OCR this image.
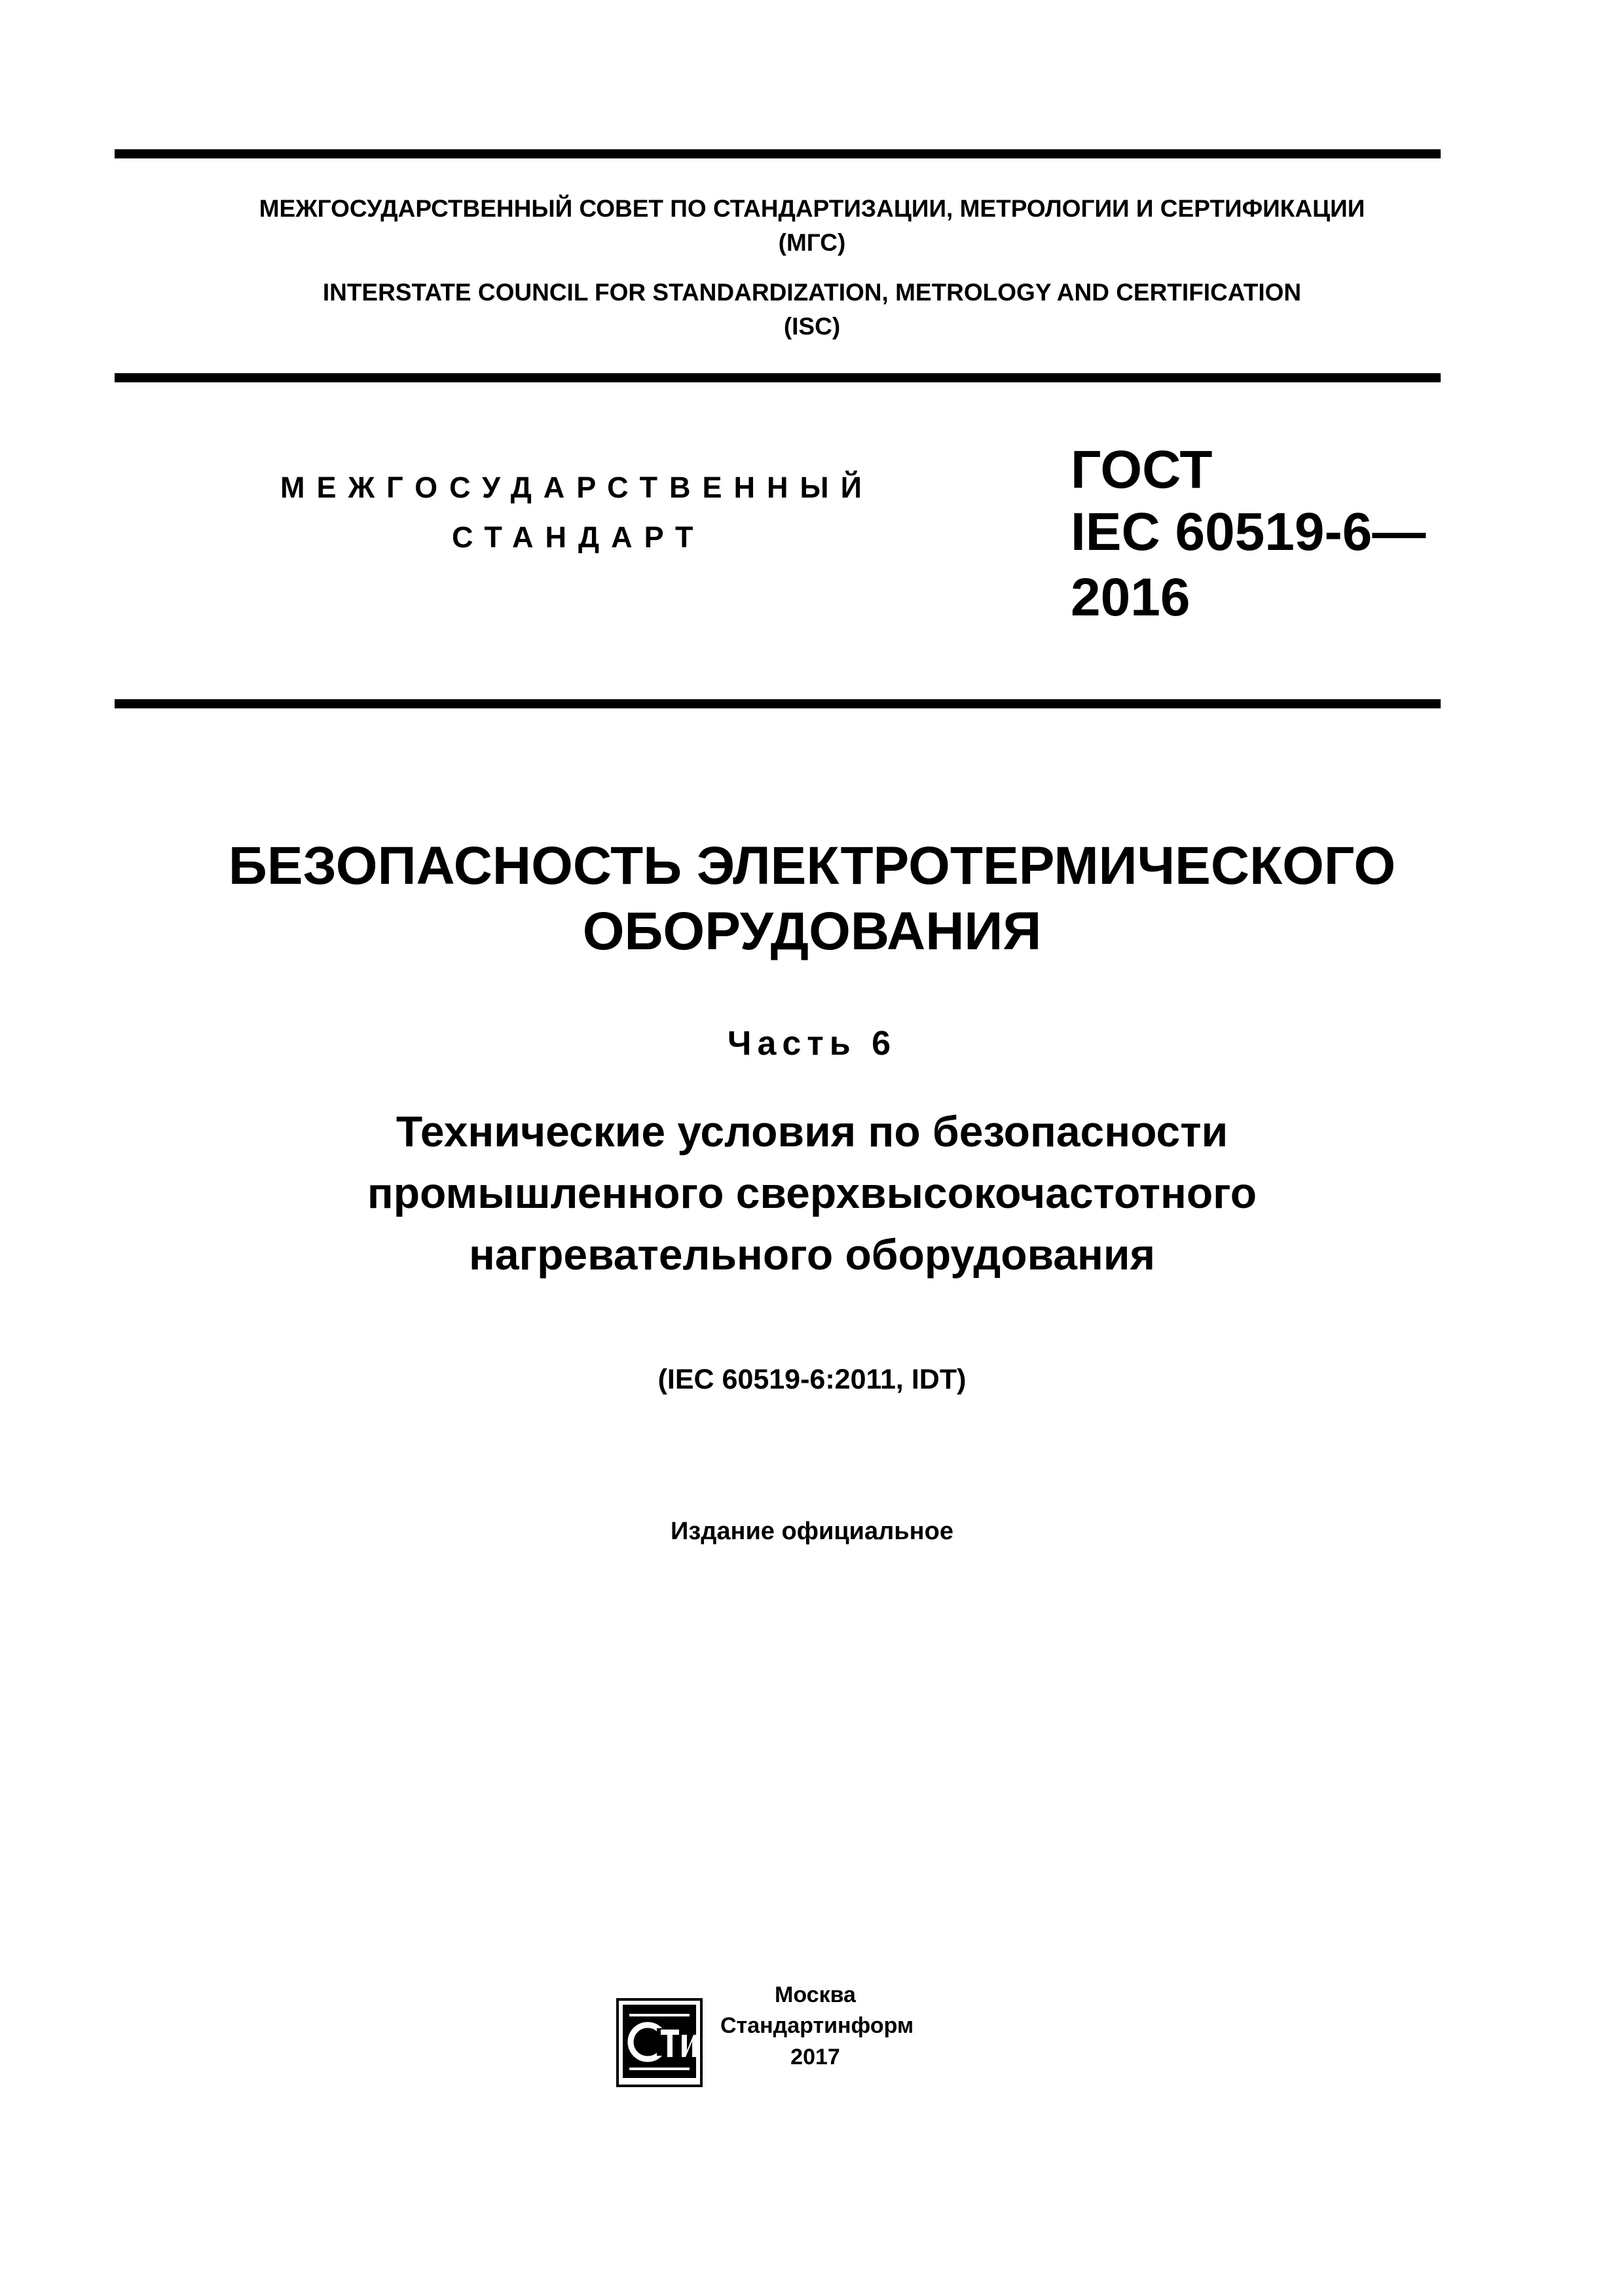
МЕЖГОСУДАРСТВЕННЫЙ СОВЕТ ПО СТАНДАРТИЗАЦИИ, МЕТРОЛОГИИ И СЕРТИФИКАЦИИ
(МГС)
INTERSTATE COUNCIL FOR STANDARDIZATION, METROLOGY AND CERTIFICATION
(ISC)
МЕЖГОСУДАРСТВЕННЫЙ
СТАНДАРТ
ГОСТ
IEC 60519-6—
2016
БЕЗОПАСНОСТЬ ЭЛЕКТРОТЕРМИЧЕСКОГО
ОБОРУДОВАНИЯ
Часть 6
Технические условия по безопасности
промышленного сверхвысокочастотного
нагревательного оборудования
(IEC 60519-6:2011, IDT)
Издание официальное
Москва
Стандартинформ
2017
